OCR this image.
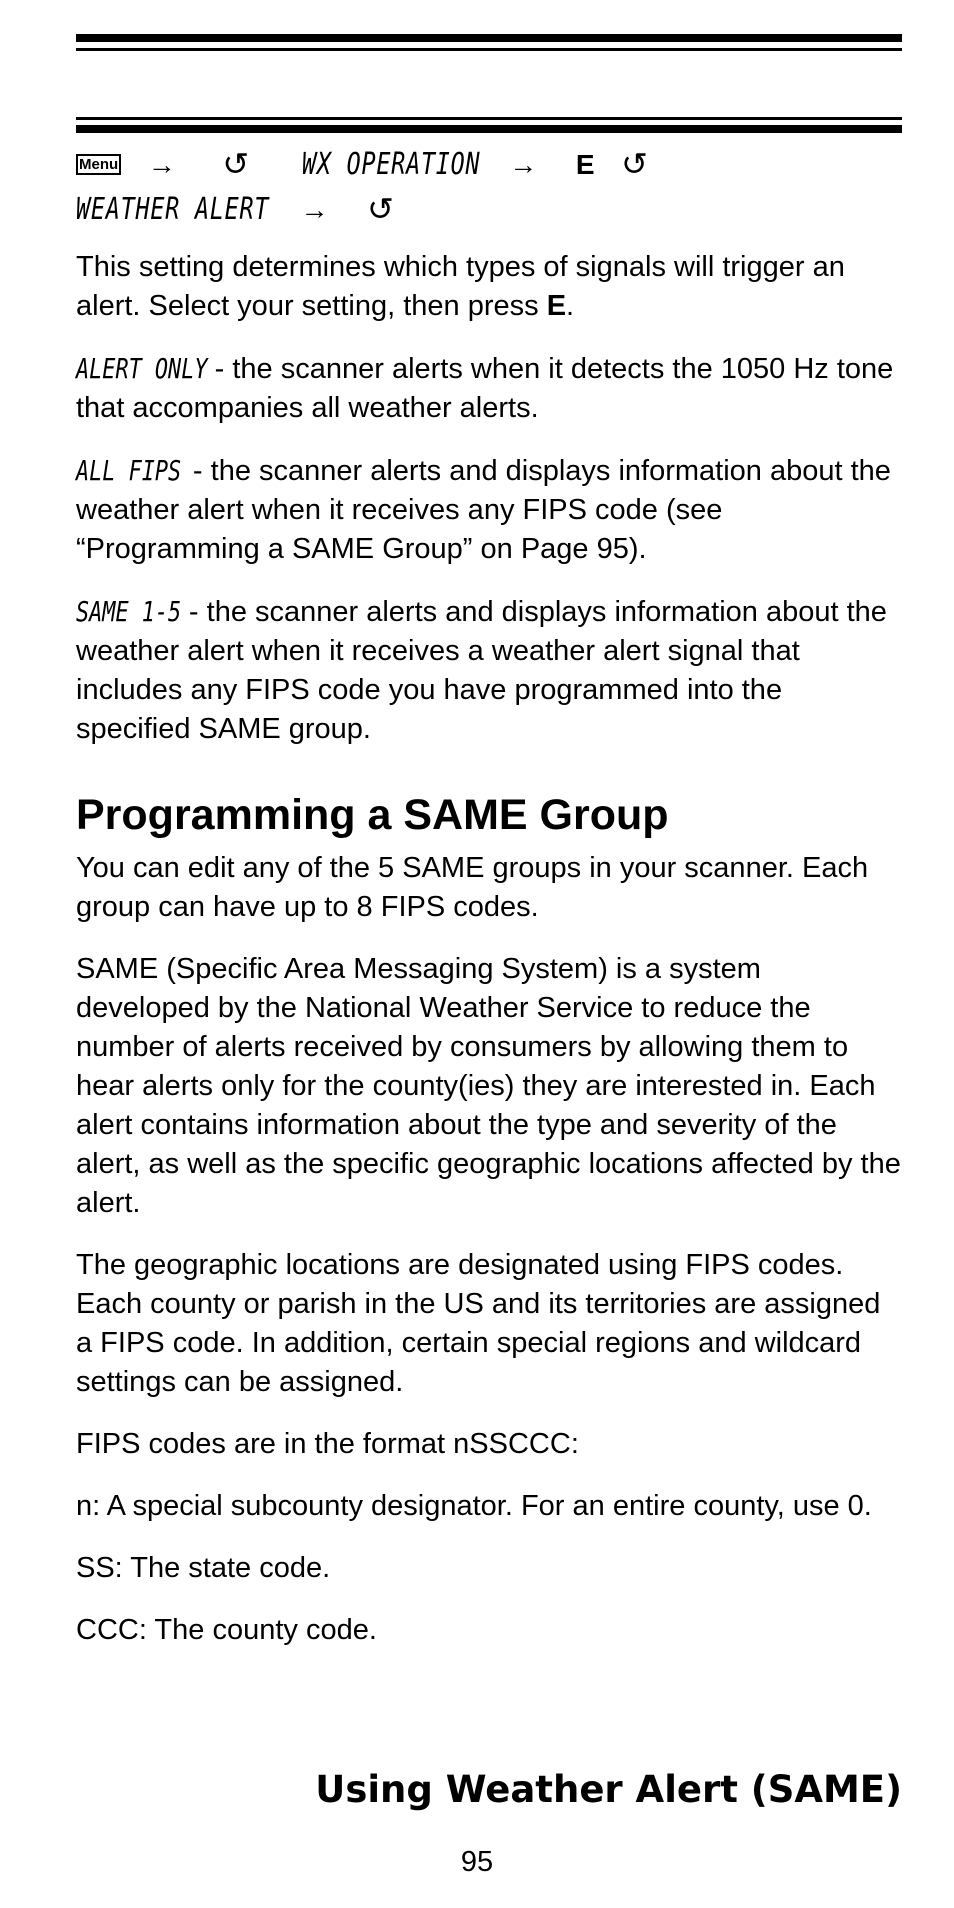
Menu → ↺ WX OPERATION → E ↺
WEATHER ALERT → ↺

This setting determines which types of signals will trigger an alert. Select your setting, then press E.

ALERT ONLY - the scanner alerts when it detects the 1050 Hz tone that accompanies all weather alerts.

ALL FIPS - the scanner alerts and displays information about the weather alert when it receives any FIPS code (see “Programming a SAME Group” on Page 95).

SAME 1-5 - the scanner alerts and displays information about the weather alert when it receives a weather alert signal that includes any FIPS code you have programmed into the specified SAME group.

Programming a SAME Group

You can edit any of the 5 SAME groups in your scanner. Each group can have up to 8 FIPS codes.

SAME (Specific Area Messaging System) is a system developed by the National Weather Service to reduce the number of alerts received by consumers by allowing them to hear alerts only for the county(ies) they are interested in. Each alert contains information about the type and severity of the alert, as well as the specific geographic locations affected by the alert.

The geographic locations are designated using FIPS codes. Each county or parish in the US and its territories are assigned a FIPS code. In addition, certain special regions and wildcard settings can be assigned.

FIPS codes are in the format nSSCCC:

n: A special subcounty designator. For an entire county, use 0.

SS: The state code.

CCC: The county code.

Using Weather Alert (SAME)
95
